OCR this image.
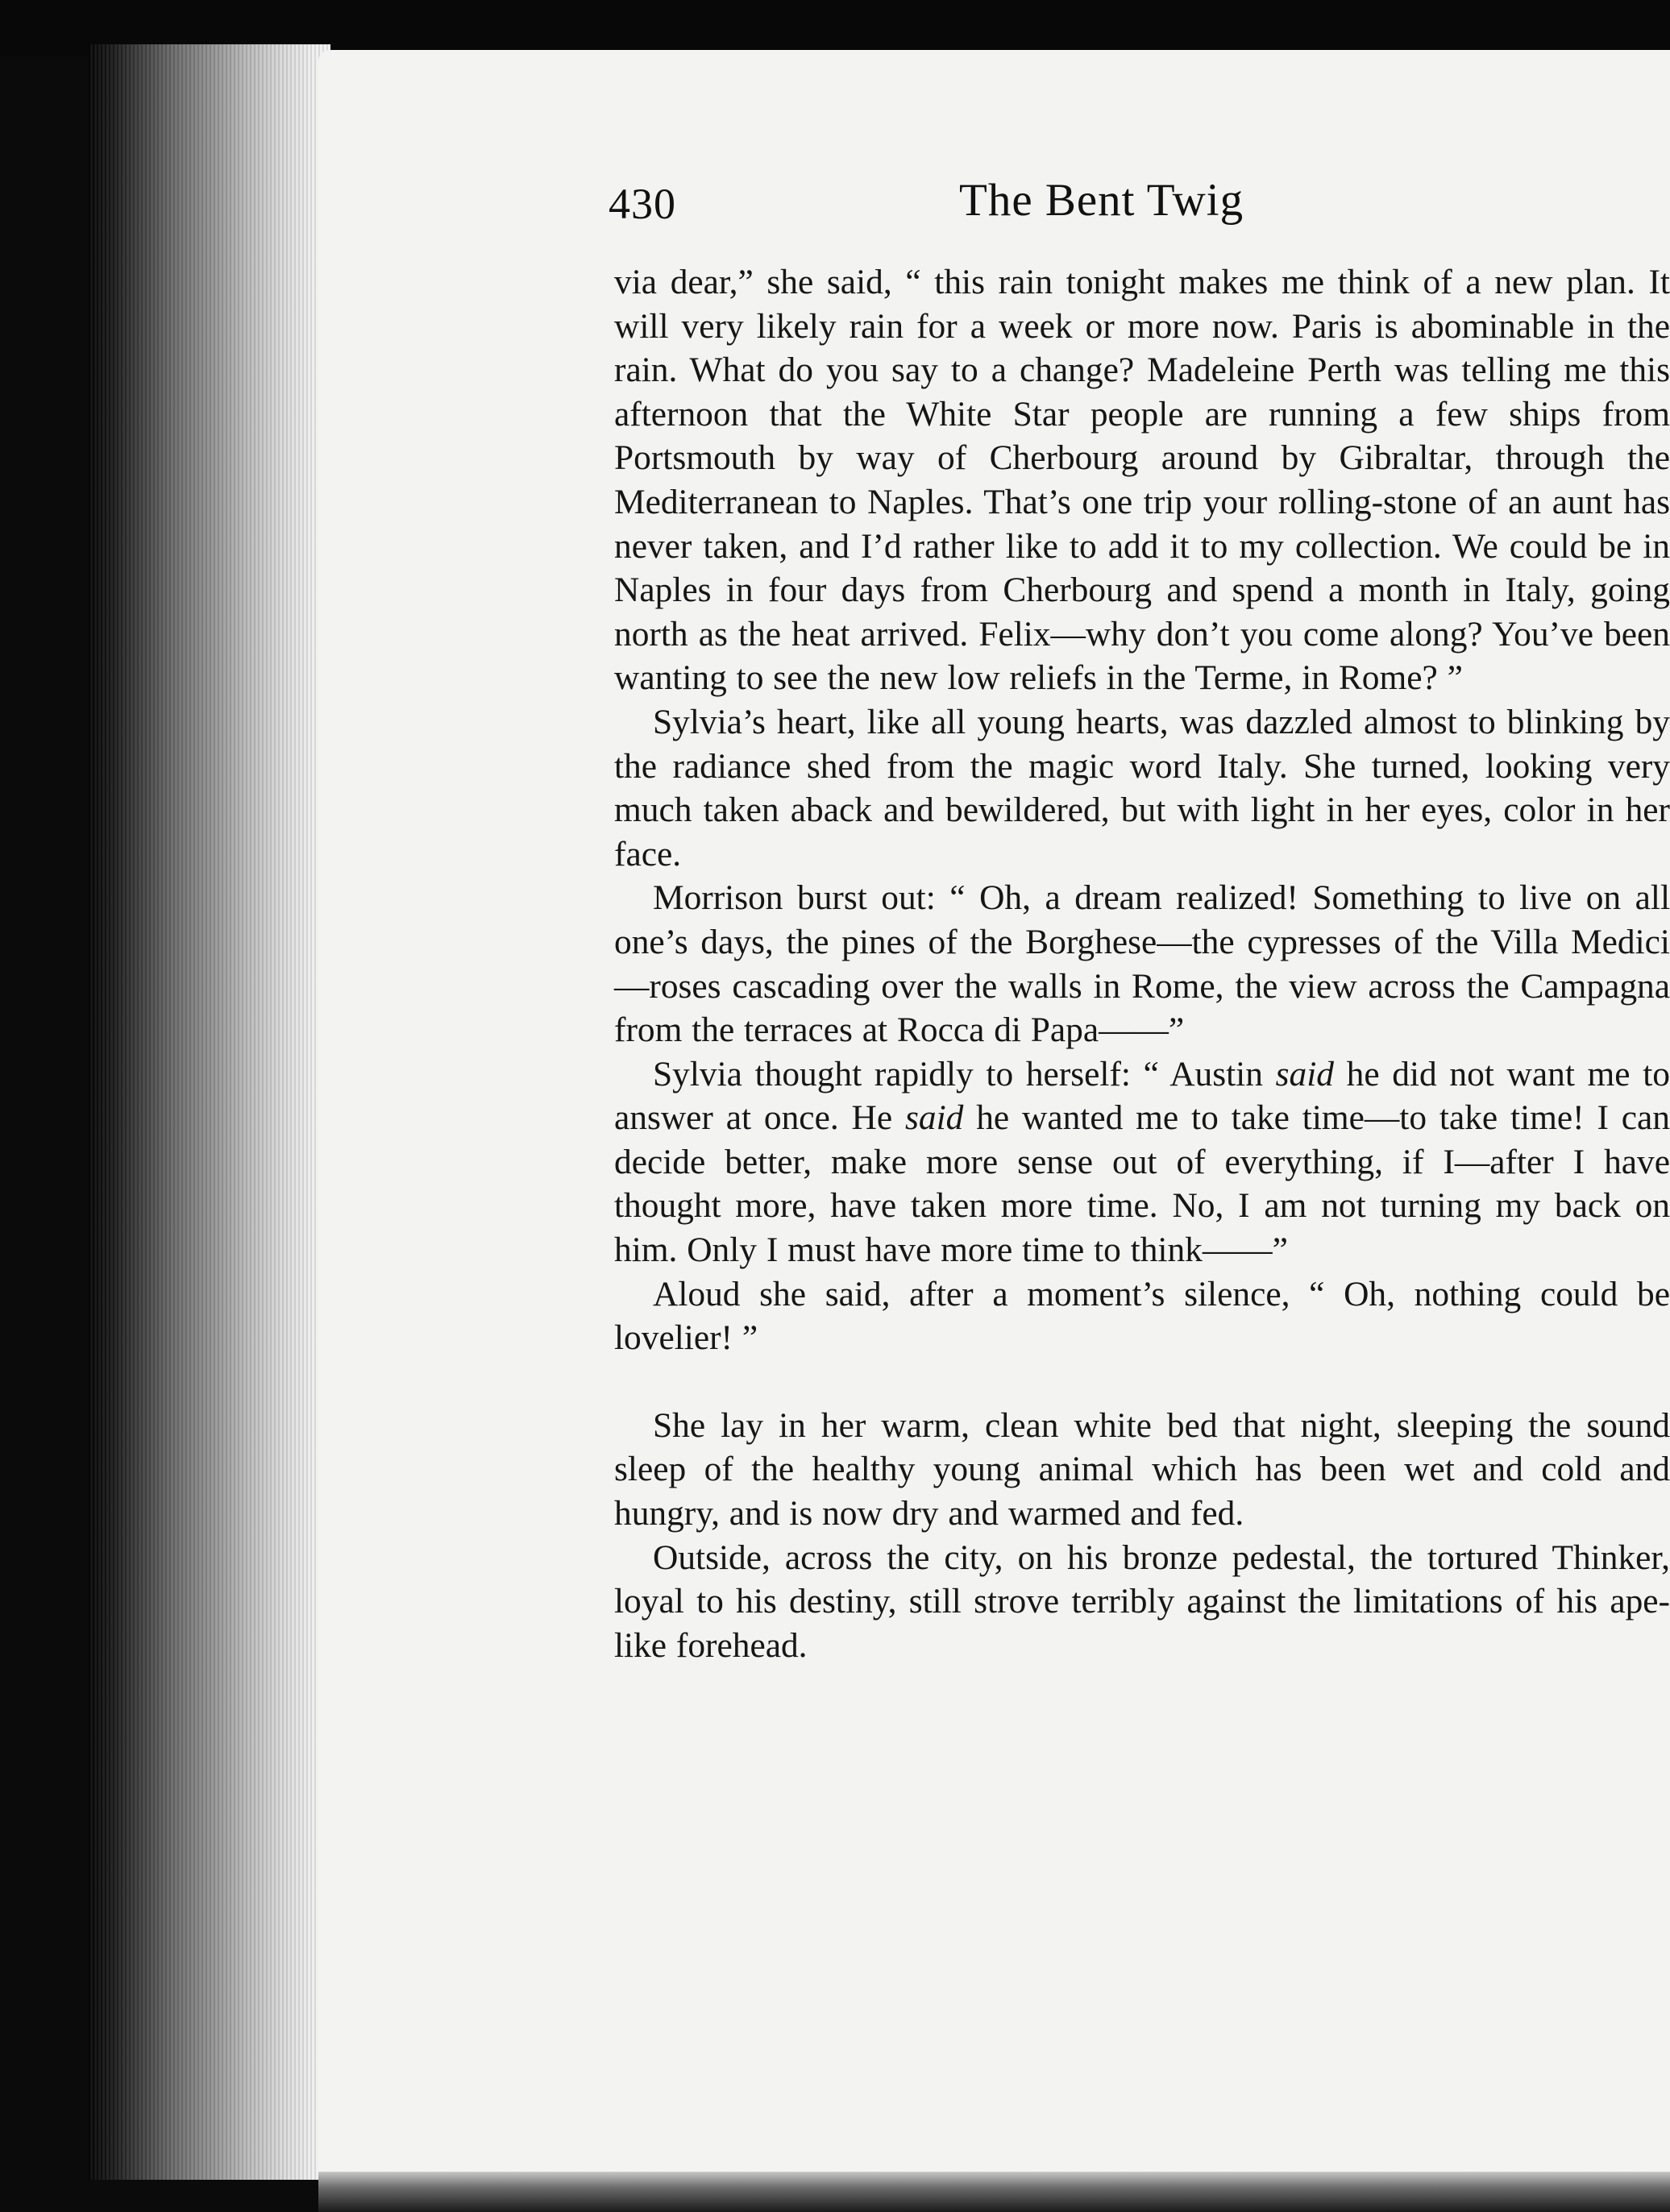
430	The Bent Twig

via dear,” she said, “ this rain tonight makes me think of a new plan. It will very likely rain for a week or more now. Paris is abominable in the rain. What do you say to a change? Madeleine Perth was telling me this afternoon that the White Star people are running a few ships from Portsmouth by way of Cherbourg around by Gibraltar, through the Mediterranean to Naples. That’s one trip your rolling-stone of an aunt has never taken, and I’d rather like to add it to my collection. We could be in Naples in four days from Cherbourg and spend a month in Italy, going north as the heat arrived. Felix—why don’t you come along? You’ve been wanting to see the new low reliefs in the Terme, in Rome? ”

Sylvia’s heart, like all young hearts, was dazzled almost to blinking by the radiance shed from the magic word Italy. She turned, looking very much taken aback and bewildered, but with light in her eyes, color in her face.

Morrison burst out: “ Oh, a dream realized! Something to live on all one’s days, the pines of the Borghese—the cypresses of the Villa Medici—roses cascading over the walls in Rome, the view across the Campagna from the terraces at Rocca di Papa——”

Sylvia thought rapidly to herself: “ Austin said he did not want me to answer at once. He said he wanted me to take time—to take time! I can decide better, make more sense out of everything, if I—after I have thought more, have taken more time. No, I am not turning my back on him. Only I must have more time to think——”

Aloud she said, after a moment’s silence, “ Oh, nothing could be lovelier! ”

She lay in her warm, clean white bed that night, sleeping the sound sleep of the healthy young animal which has been wet and cold and hungry, and is now dry and warmed and fed.

Outside, across the city, on his bronze pedestal, the tortured Thinker, loyal to his destiny, still strove terribly against the limitations of his ape-like forehead.
